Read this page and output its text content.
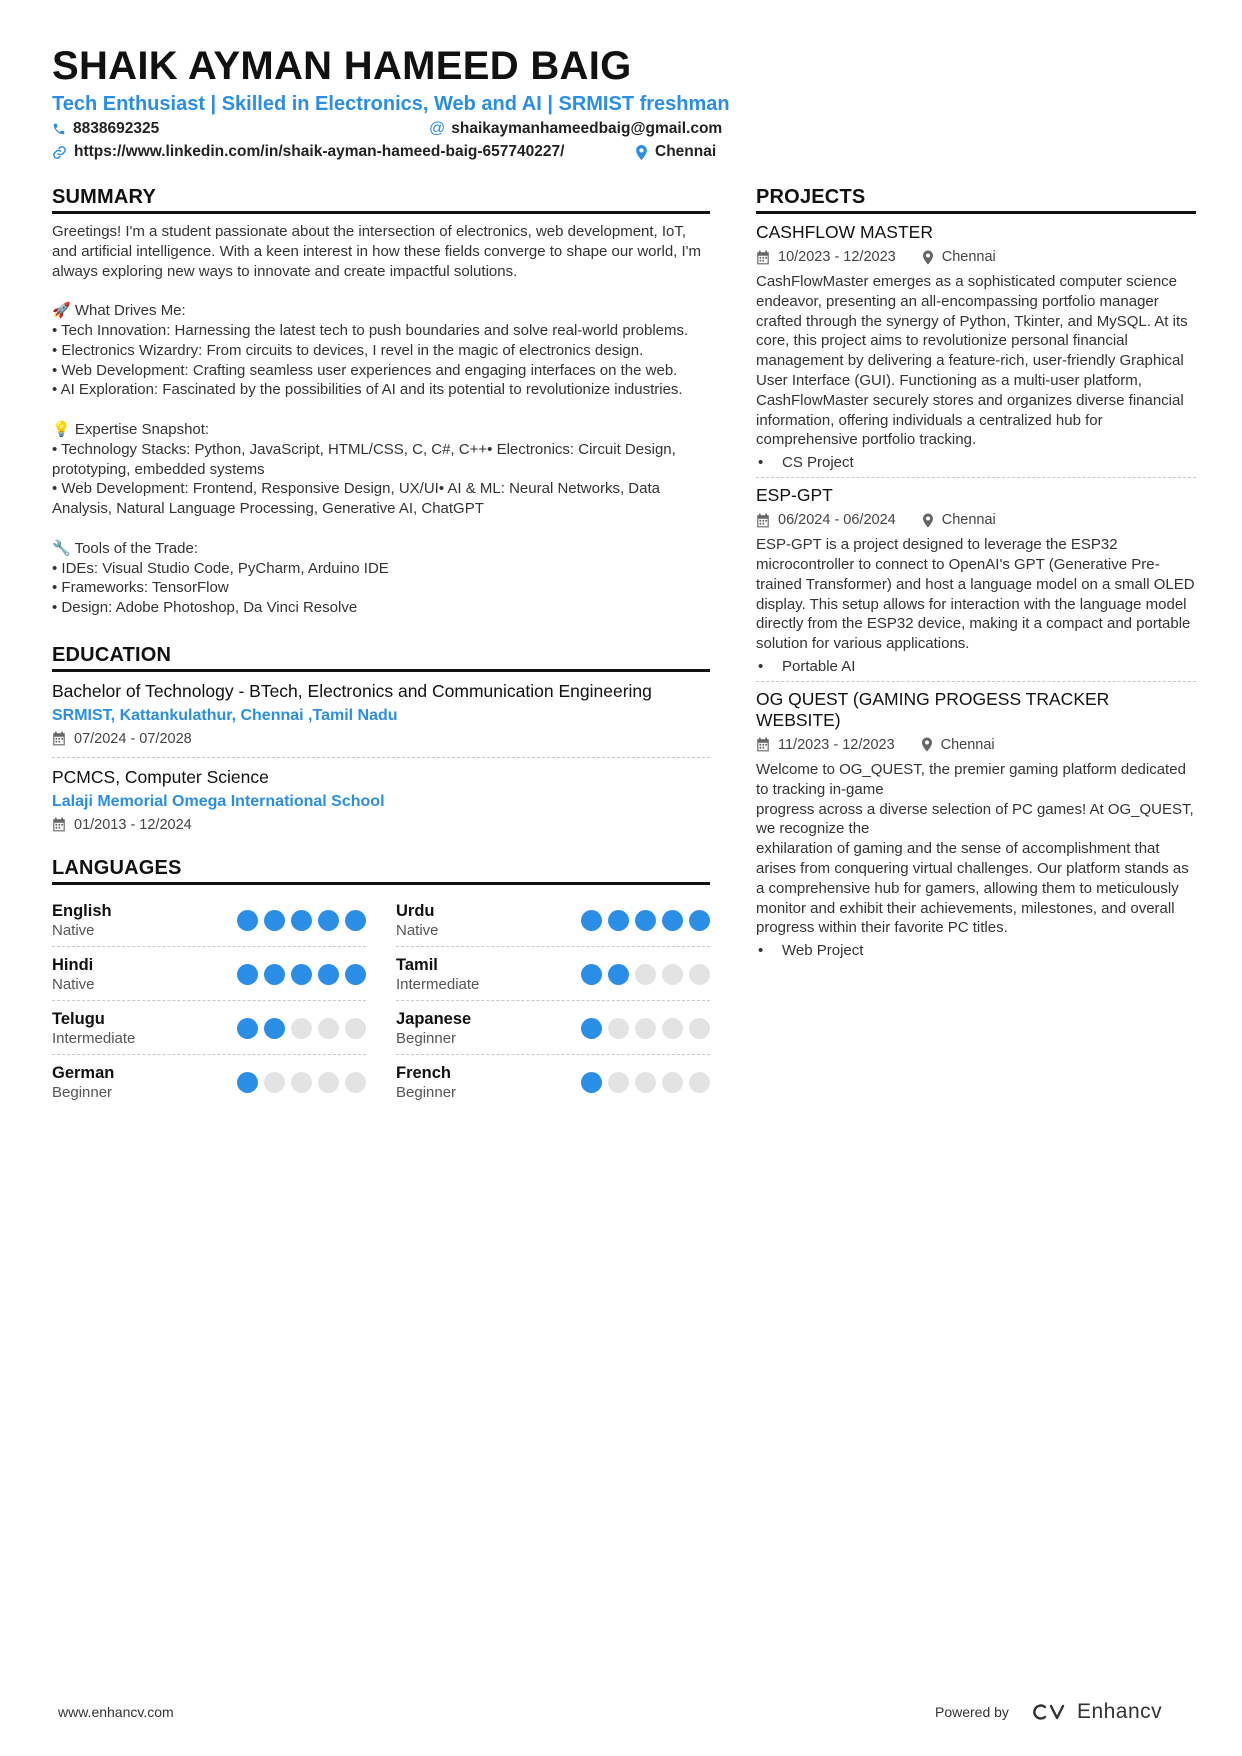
SHAIK AYMAN HAMEED BAIG
Tech Enthusiast | Skilled in Electronics, Web and AI | SRMIST freshman
8838692325	@ shaikaymanhameedbaig@gmail.com
https://www.linkedin.com/in/shaik-ayman-hameed-baig-657740227/	Chennai
SUMMARY

Greetings! I'm a student passionate about the intersection of electronics, web development, IoT, and artificial intelligence. With a keen interest in how these fields converge to shape our world, I'm always exploring new ways to innovate and create impactful solutions.

🚀 What Drives Me:
• Tech Innovation: Harnessing the latest tech to push boundaries and solve real-world problems.
• Electronics Wizardry: From circuits to devices, I revel in the magic of electronics design.
• Web Development: Crafting seamless user experiences and engaging interfaces on the web.
• AI Exploration: Fascinated by the possibilities of AI and its potential to revolutionize industries.

💡 Expertise Snapshot:
• Technology Stacks: Python, JavaScript, HTML/CSS, C, C#, C++• Electronics: Circuit Design, prototyping, embedded systems
• Web Development: Frontend, Responsive Design, UX/UI• AI & ML: Neural Networks, Data Analysis, Natural Language Processing, Generative AI, ChatGPT

🔧 Tools of the Trade:
• IDEs: Visual Studio Code, PyCharm, Arduino IDE
• Frameworks: TensorFlow
• Design: Adobe Photoshop, Da Vinci Resolve

EDUCATION
Bachelor of Technology - BTech, Electronics and Communication Engineering
SRMIST, Kattankulathur, Chennai ,Tamil Nadu
07/2024 - 07/2028
PCMCS, Computer Science
Lalaji Memorial Omega International School
01/2013 - 12/2024
LANGUAGES
English
Native
Urdu
Native
Hindi
Native
Tamil
Intermediate
Telugu
Intermediate
Japanese
Beginner
German
Beginner
French
Beginner
PROJECTS
CASHFLOW MASTER
10/2023 - 12/2023	Chennai
CashFlowMaster emerges as a sophisticated computer science endeavor, presenting an all-encompassing portfolio manager crafted through the synergy of Python, Tkinter, and MySQL. At its core, this project aims to revolutionize personal financial management by delivering a feature-rich, user-friendly Graphical User Interface (GUI). Functioning as a multi-user platform, CashFlowMaster securely stores and organizes diverse financial information, offering individuals a centralized hub for comprehensive portfolio tracking.
•	CS Project
ESP-GPT
06/2024 - 06/2024	Chennai
ESP-GPT is a project designed to leverage the ESP32 microcontroller to connect to OpenAI's GPT (Generative Pre-trained Transformer) and host a language model on a small OLED display. This setup allows for interaction with the language model directly from the ESP32 device, making it a compact and portable solution for various applications.
•	Portable AI
OG QUEST (GAMING PROGESS TRACKER WEBSITE)
11/2023 - 12/2023	Chennai
Welcome to OG_QUEST, the premier gaming platform dedicated to tracking in-game
progress across a diverse selection of PC games! At OG_QUEST, we recognize the
exhilaration of gaming and the sense of accomplishment that arises from conquering virtual challenges. Our platform stands as a comprehensive hub for gamers, allowing them to meticulously monitor and exhibit their achievements, milestones, and overall progress within their favorite PC titles.
•	Web Project
www.enhancv.com	Powered by	Enhancv
